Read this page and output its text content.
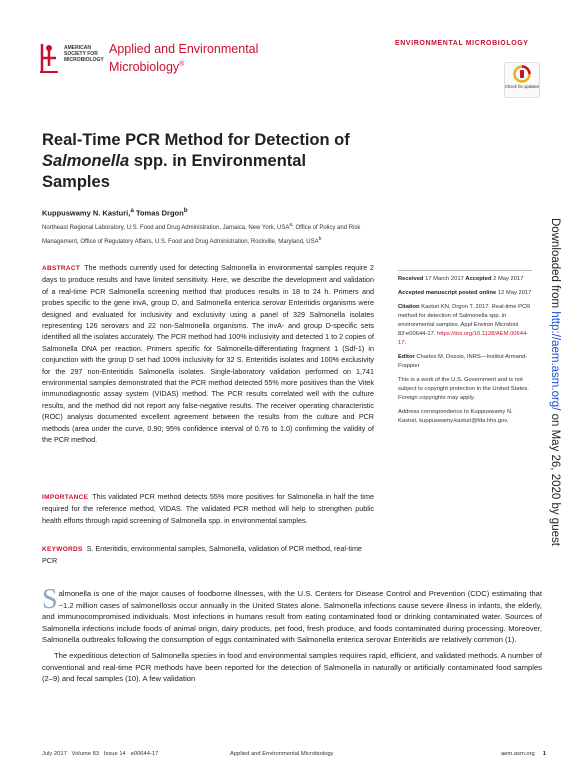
AMERICAN SOCIETY FOR MICROBIOLOGY
Applied and Environmental
Microbiology®
ENVIRONMENTAL MICROBIOLOGY
Check for updates
Real-Time PCR Method for Detection of
Salmonella spp. in Environmental
Samples
Kuppuswamy N. Kasturi,$^a$ Tomas Drgon$^b$
Northeast Regional Laboratory, U.S. Food and Drug Administration, Jamaica, New York, USA$^a$; Office of Policy and Risk Management, Office of Regulatory Affairs, U.S. Food and Drug Administration, Rockville, Maryland, USA$^b$
ABSTRACT The methods currently used for detecting Salmonella in environmental samples require 2 days to produce results and have limited sensitivity. Here, we describe the development and validation of a real-time PCR Salmonella screening method that produces results in 18 to 24 h. Primers and probes specific to the gene invA, group D, and Salmonella enterica serovar Enteritidis organisms were designed and evaluated for inclusivity and exclusivity using a panel of 329 Salmonella isolates representing 126 serovars and 22 non-Salmonella organisms. The invA- and group D-specific sets identified all the isolates accurately. The PCR method had 100% inclusivity and detected 1 to 2 copies of Salmonella DNA per reaction. Primers specific for Salmonella-differentiating fragment 1 (Sdf-1) in conjunction with the group D set had 100% inclusivity for 32 S. Enteritidis isolates and 100% exclusivity for the 297 non-Enteritidis Salmonella isolates. Single-laboratory validation performed on 1,741 environmental samples demonstrated that the PCR method detected 55% more positives than the Vitek immunodiagnostic assay system (VIDAS) method. The PCR results correlated well with the culture results, and the method did not report any false-negative results. The receiver operating characteristic (ROC) analysis documented excellent agreement between the results from the culture and PCR methods (area under the curve, 0.90; 95% confidence interval of 0.76 to 1.0) confirming the validity of the PCR method.
IMPORTANCE This validated PCR method detects 55% more positives for Salmonella in half the time required for the reference method, VIDAS. The validated PCR method will help to strengthen public health efforts through rapid screening of Salmonella spp. in environmental samples.
KEYWORDS S. Enteritidis, environmental samples, Salmonella, validation of PCR method, real-time PCR

Received 17 March 2017 Accepted 2 May 2017

Accepted manuscript posted online 12 May 2017

Citation Kasturi KN, Drgon T. 2017. Real-time PCR method for detection of Salmonella spp. in environmental samples. Appl Environ Microbiol 83:e00644-17. https://doi.org/10.1128/AEM.00644-17.

Editor Charles M. Dozois, INRS—Institut Armand-Frappier

This is a work of the U.S. Government and is not subject to copyright protection in the United States. Foreign copyrights may apply.

Address correspondence to Kuppuswamy N. Kasturi, kuppuswamy.kasturi@fda.hhs.gov.

Salmonella is one of the major causes of foodborne illnesses, with the U.S. Centers for Disease Control and Prevention (CDC) estimating that ~1.2 million cases of salmonellosis occur annually in the United States alone. Salmonella infections cause severe illness in infants, the elderly, and immunocompromised individuals. Most infections in humans result from eating contaminated food or drinking contaminated water. Sources of Salmonella infections include foods of animal origin, dairy products, pet food, fresh produce, and foods contaminated during processing. Moreover, Salmonella outbreaks following the consumption of eggs contaminated with Salmonella enterica serovar Enteritidis are relatively common (1).

The expeditious detection of Salmonella species in food and environmental samples requires rapid, efficient, and validated methods. A number of conventional and real-time PCR methods have been reported for the detection of Salmonella in naturally or artificially contaminated food samples (2–9) and fecal samples (10). A few validation

July 2017   Volume 83   Issue 14   e00644-17	Applied and Environmental Microbiology	aem.asm.org 1
Downloaded from http://aem.asm.org/ on May 26, 2020 by guest
